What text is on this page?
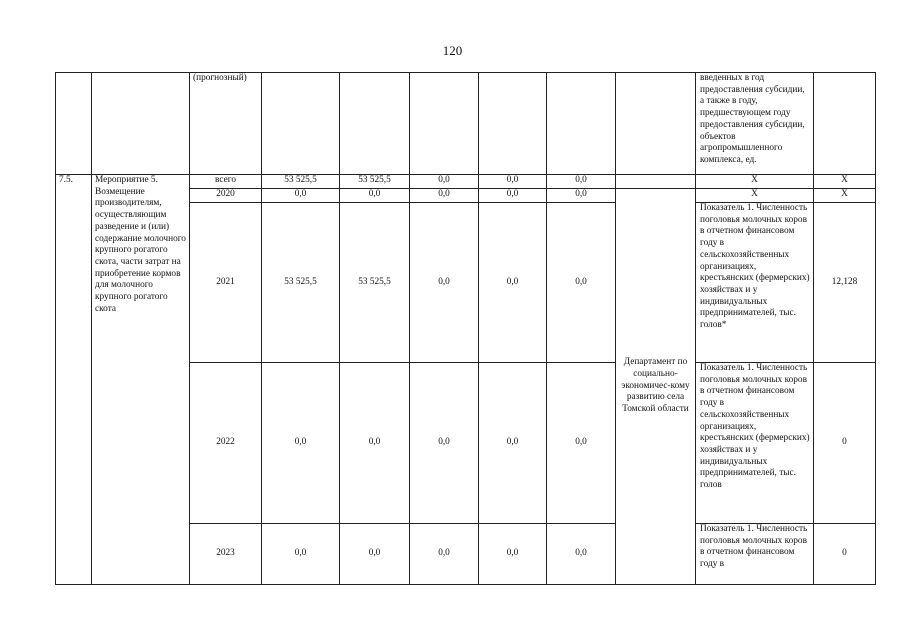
120
		(прогнозный)							введенных в год предоставления субсидии, а также в году, предшествующем году предоставления субсидии, объектов агропромышленного комплекса, ед.	
7.5.	Мероприятие 5. Возмещение производителям, осуществляющим разведение и (или) содержание молочного крупного рогатого скота, части затрат на приобретение кормов для молочного крупного рогатого скота	всего	53 525,5	53 525,5	0,0	0,0	0,0		X	X
		2020	0,0	0,0	0,0	0,0	0,0	Департамент по социально-экономичес-кому развитию села Томской области	X	X
		2021	53 525,5	53 525,5	0,0	0,0	0,0		Показатель 1. Численность поголовья молочных коров в отчетном финансовом году в сельскохозяйственных организациях, крестьянских (фермерских) хозяйствах и у индивидуальных предпринимателей, тыс. голов*	12,128
		2022	0,0	0,0	0,0	0,0	0,0		Показатель 1. Численность поголовья молочных коров в отчетном финансовом году в сельскохозяйственных организациях, крестьянских (фермерских) хозяйствах и у индивидуальных предпринимателей, тыс. голов	0
		2023	0,0	0,0	0,0	0,0	0,0		Показатель 1. Численность поголовья молочных коров в отчетном финансовом году в	0
